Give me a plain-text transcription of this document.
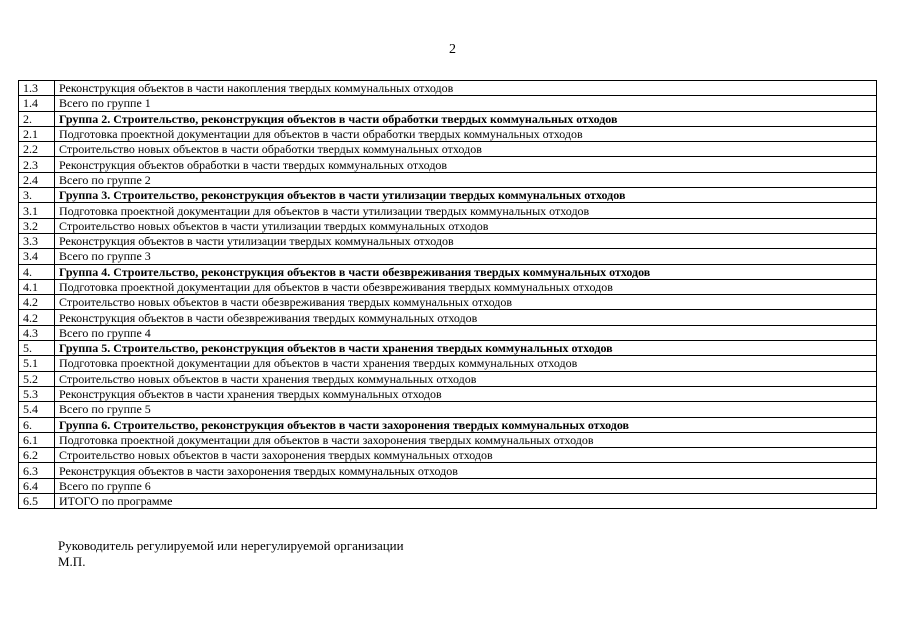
2
1.3	Реконструкция объектов в части накопления твердых коммунальных отходов
1.4	Всего по группе 1
2.	Группа 2. Строительство, реконструкция объектов в части обработки твердых коммунальных отходов
2.1	Подготовка проектной документации для объектов в части обработки твердых коммунальных отходов
2.2	Строительство новых объектов в части обработки твердых коммунальных отходов
2.3	Реконструкция объектов обработки в части твердых коммунальных отходов
2.4	Всего по группе 2
3.	Группа 3. Строительство, реконструкция объектов в части утилизации твердых коммунальных отходов
3.1	Подготовка проектной документации для объектов в части утилизации твердых коммунальных отходов
3.2	Строительство новых объектов в части утилизации твердых коммунальных отходов
3.3	Реконструкция объектов в части утилизации твердых коммунальных отходов
3.4	Всего по группе 3
4.	Группа 4. Строительство, реконструкция объектов в части обезвреживания твердых коммунальных отходов
4.1	Подготовка проектной документации для объектов в части обезвреживания твердых коммунальных отходов
4.2	Строительство новых объектов в части обезвреживания твердых коммунальных отходов
4.2	Реконструкция объектов в части обезвреживания твердых коммунальных отходов
4.3	Всего по группе 4
5.	Группа 5. Строительство, реконструкция объектов в части хранения твердых коммунальных отходов
5.1	Подготовка проектной документации для объектов в части хранения твердых коммунальных отходов
5.2	Строительство новых объектов в части хранения твердых коммунальных отходов
5.3	Реконструкция объектов в части хранения твердых коммунальных отходов
5.4	Всего по группе 5
6.	Группа 6. Строительство, реконструкция объектов в части захоронения твердых коммунальных отходов
6.1	Подготовка проектной документации для объектов в части захоронения твердых коммунальных отходов
6.2	Строительство новых объектов в части захоронения твердых коммунальных отходов
6.3	Реконструкция объектов в части захоронения твердых коммунальных отходов
6.4	Всего по группе 6
6.5	ИТОГО по программе
Руководитель регулируемой или нерегулируемой организации
М.П.
